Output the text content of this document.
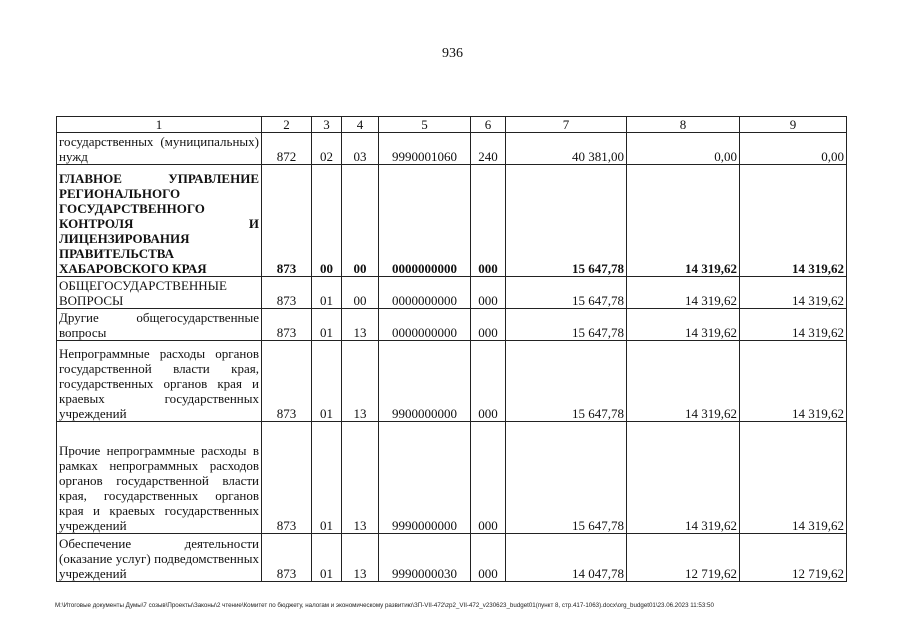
936
1	2	3	4	5	6	7	8	9
государственных (муниципальных) нужд	872	02	03	9990001060	240	40 381,00	0,00	0,00
ГЛАВНОЕ УПРАВЛЕНИЕ РЕГИОНАЛЬНОГО ГОСУДАРСТВЕННОГО КОНТРОЛЯ И ЛИЦЕНЗИРОВАНИЯ ПРАВИТЕЛЬСТВА ХАБАРОВСКОГО КРАЯ	873	00	00	0000000000	000	15 647,78	14 319,62	14 319,62
ОБЩЕГОСУДАРСТВЕННЫЕ ВОПРОСЫ	873	01	00	0000000000	000	15 647,78	14 319,62	14 319,62
Другие общегосударственные вопросы	873	01	13	0000000000	000	15 647,78	14 319,62	14 319,62
Непрограммные расходы органов государственной власти края, государственных органов края и краевых государственных учреждений	873	01	13	9900000000	000	15 647,78	14 319,62	14 319,62
Прочие непрограммные расходы в рамках непрограммных расходов органов государственной власти края, государственных органов края и краевых государственных учреждений	873	01	13	9990000000	000	15 647,78	14 319,62	14 319,62
Обеспечение деятельности (оказание услуг) подведомственных учреждений	873	01	13	9990000030	000	14 047,78	12 719,62	12 719,62
M:\Итоговые документы Думы\7 созыв\Проекты\Законы\2 чтение\Комитет по бюджету, налогам и экономическому развитию\ЗП-VII-472\zp2_VII-472_v230623_budget01(пункт 8, стр.417-1063).docx\org_budget01\23.06.2023 11:53:50
